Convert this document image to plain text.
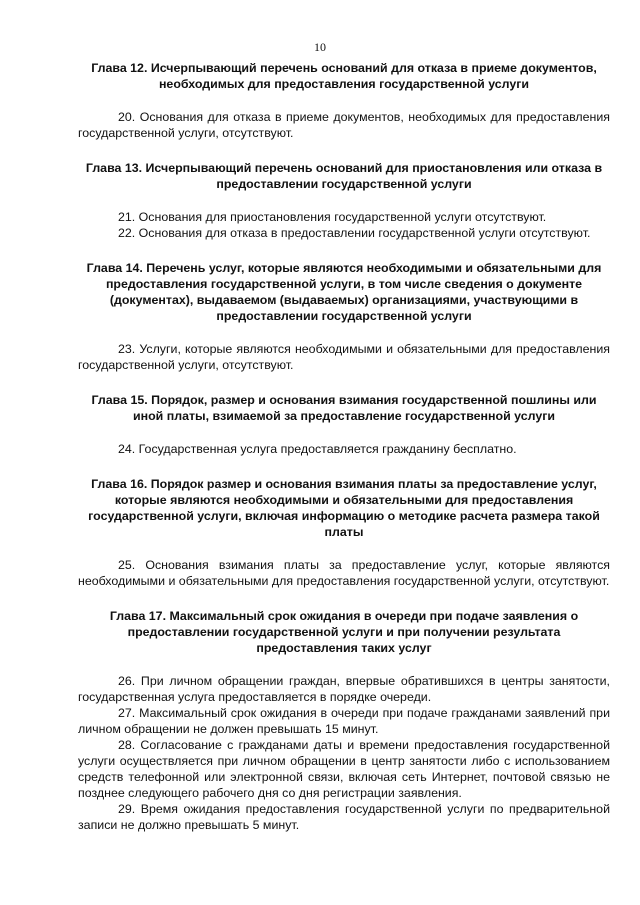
10
Глава 12. Исчерпывающий перечень оснований для отказа в приеме документов, необходимых для предоставления государственной услуги

20. Основания для отказа в приеме документов, необходимых для предоставления государственной услуги, отсутствуют.

Глава 13. Исчерпывающий перечень оснований для приостановления или отказа в предоставлении государственной услуги

21. Основания для приостановления государственной услуги отсутствуют.

22. Основания для отказа в предоставлении государственной услуги отсутствуют.

Глава 14. Перечень услуг, которые являются необходимыми и обязательными для предоставления государственной услуги, в том числе сведения о документе (документах), выдаваемом (выдаваемых) организациями, участвующими в предоставлении государственной услуги

23. Услуги, которые являются необходимыми и обязательными для предоставления государственной услуги, отсутствуют.

Глава 15. Порядок, размер и основания взимания государственной пошлины или иной платы, взимаемой за предоставление государственной услуги

24. Государственная услуга предоставляется гражданину бесплатно.

Глава 16. Порядок размер и основания взимания платы за предоставление услуг, которые являются необходимыми и обязательными для предоставления государственной услуги, включая информацию о методике расчета размера такой платы

25. Основания взимания платы за предоставление услуг, которые являются необходимыми и обязательными для предоставления государственной услуги, отсутствуют.

Глава 17. Максимальный срок ожидания в очереди при подаче заявления о предоставлении государственной услуги и при получении результата предоставления таких услуг

26. При личном обращении граждан, впервые обратившихся в центры занятости, государственная услуга предоставляется в порядке очереди.

27. Максимальный срок ожидания в очереди при подаче гражданами заявлений при личном обращении не должен превышать 15 минут.

28. Согласование с гражданами даты и времени предоставления государственной услуги осуществляется при личном обращении в центр занятости либо с использованием средств телефонной или электронной связи, включая сеть Интернет, почтовой связью не позднее следующего рабочего дня со дня регистрации заявления.

29. Время ожидания предоставления государственной услуги по предварительной записи не должно превышать 5 минут.
